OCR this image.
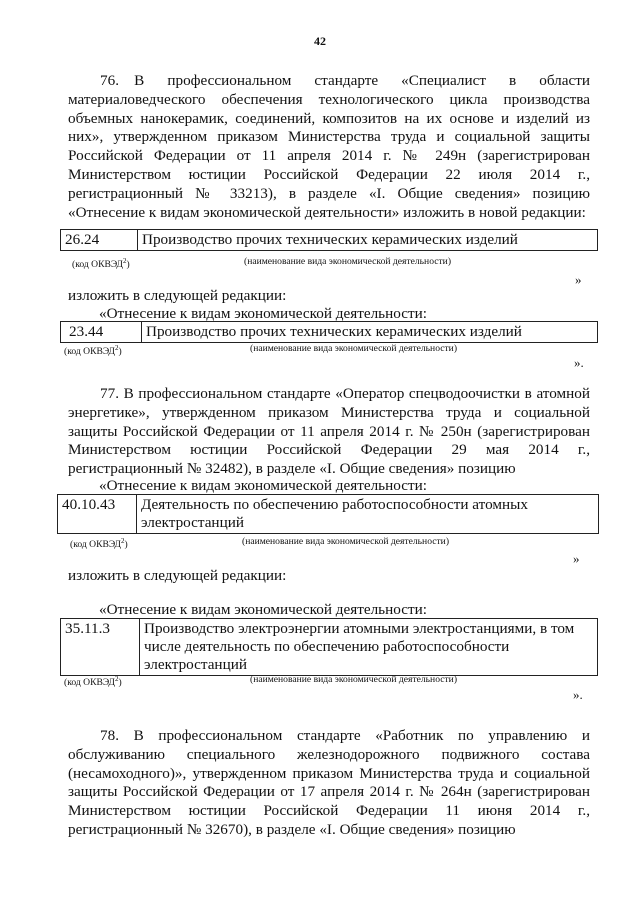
42
76. В профессиональном стандарте «Специалист в области
материаловедческого обеспечения технологического цикла производства
объемных нанокерамик, соединений, композитов на их основе и изделий из
них», утвержденном приказом Министерства труда и социальной защиты
Российской Федерации от 11 апреля 2014 г. № 249н (зарегистрирован
Министерством юстиции Российской Федерации 22 июля 2014 г.,
регистрационный № 33213), в разделе «I. Общие сведения» позицию
«Отнесение к видам экономической деятельности» изложить в новой редакции:
26.24	Производство прочих технических керамических изделий
(код ОКВЭД$^2$)	(наименование вида экономической деятельности)
»
изложить в следующей редакции:
«Отнесение к видам экономической деятельности:
23.44	Производство прочих технических керамических изделий
(код ОКВЭД$^2$)	(наименование вида экономической деятельности)
».
77. В профессиональном стандарте «Оператор спецводоочистки в атомной
энергетике», утвержденном приказом Министерства труда и социальной
защиты Российской Федерации от 11 апреля 2014 г. № 250н (зарегистрирован
Министерством юстиции Российской Федерации 29 мая 2014 г.,
регистрационный № 32482), в разделе «I. Общие сведения» позицию
«Отнесение к видам экономической деятельности:
40.10.43	Деятельность по обеспечению работоспособности атомных
электростанций
(код ОКВЭД$^2$)	(наименование вида экономической деятельности)
»
изложить в следующей редакции:
«Отнесение к видам экономической деятельности:
35.11.3	Производство электроэнергии атомными электростанциями, в том
числе деятельность по обеспечению работоспособности
электростанций
(код ОКВЭД$^2$)	(наименование вида экономической деятельности)
».
78. В профессиональном стандарте «Работник по управлению и
обслуживанию специального железнодорожного подвижного состава
(несамоходного)», утвержденном приказом Министерства труда и социальной
защиты Российской Федерации от 17 апреля 2014 г. № 264н (зарегистрирован
Министерством юстиции Российской Федерации 11 июня 2014 г.,
регистрационный № 32670), в разделе «I. Общие сведения» позицию
